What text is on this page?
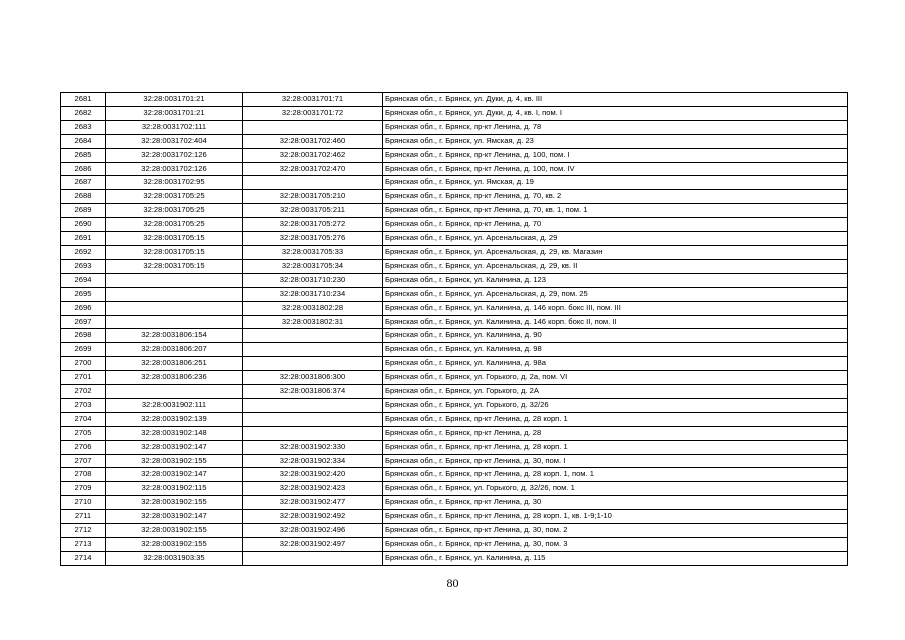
2681	32:28:0031701:21	32:28:0031701:71	Брянская обл., г. Брянск, ул. Дуки, д. 4, кв. III
2682	32:28:0031701:21	32:28:0031701:72	Брянская обл., г. Брянск, ул. Дуки, д. 4, кв. I, пом. I
2683	32:28:0031702:111		Брянская обл., г. Брянск, пр-кт Ленина, д. 78
2684	32:28:0031702:404	32:28:0031702:460	Брянская обл., г. Брянск, ул. Ямская, д. 23
2685	32:28:0031702:126	32:28:0031702:462	Брянская обл., г. Брянск, пр-кт Ленина, д. 100, пом. I
2686	32:28:0031702:126	32:28:0031702:470	Брянская обл., г. Брянск, пр-кт Ленина, д. 100, пом. IV
2687	32:28:0031702:95		Брянская обл., г. Брянск, ул. Ямская, д. 19
2688	32:28:0031705:25	32:28:0031705:210	Брянская обл., г. Брянск, пр-кт Ленина, д. 70, кв. 2
2689	32:28:0031705:25	32:28:0031705:211	Брянская обл., г. Брянск, пр-кт Ленина, д. 70, кв. 1, пом. 1
2690	32:28:0031705:25	32:28:0031705:272	Брянская обл., г. Брянск, пр-кт Ленина, д. 70
2691	32:28:0031705:15	32:28:0031705:276	Брянская обл., г. Брянск, ул. Арсенальская, д. 29
2692	32:28:0031705:15	32:28:0031705:33	Брянская обл., г. Брянск, ул. Арсенальская, д. 29, кв. Магазин
2693	32:28:0031705:15	32:28:0031705:34	Брянская обл., г. Брянск, ул. Арсенальская, д. 29, кв. II
2694		32:28:0031710:230	Брянская обл., г. Брянск, ул. Калинина, д. 123
2695		32:28:0031710:234	Брянская обл., г. Брянск, ул. Арсенальская, д. 29, пом. 25
2696		32:28:0031802:28	Брянская обл., г. Брянск, ул. Калинина, д. 146 корп. бокс III, пом. III
2697		32:28:0031802:31	Брянская обл., г. Брянск, ул. Калинина, д. 146 корп. бокс II, пом. II
2698	32:28:0031806:154		Брянская обл., г. Брянск, ул. Калинина, д. 90
2699	32:28:0031806:207		Брянская обл., г. Брянск, ул. Калинина, д. 98
2700	32:28:0031806:251		Брянская обл., г. Брянск, ул. Калинина, д. 98а
2701	32:28:0031806:236	32:28:0031806:300	Брянская обл., г. Брянск, ул. Горького, д. 2а, пом. VI
2702		32:28:0031806:374	Брянская обл., г. Брянск, ул. Горького, д. 2А
2703	32:28:0031902:111		Брянская обл., г. Брянск, ул. Горького, д. 32/26
2704	32:28:0031902:139		Брянская обл., г. Брянск, пр-кт Ленина, д. 28 корп. 1
2705	32:28:0031902:148		Брянская обл., г. Брянск, пр-кт Ленина, д. 28
2706	32:28:0031902:147	32:28:0031902:330	Брянская обл., г. Брянск, пр-кт Ленина, д. 28 корп. 1
2707	32:28:0031902:155	32:28:0031902:334	Брянская обл., г. Брянск, пр-кт Ленина, д. 30, пом. I
2708	32:28:0031902:147	32:28:0031902:420	Брянская обл., г. Брянск, пр-кт Ленина, д. 28 корп. 1, пом. 1
2709	32:28:0031902:115	32:28:0031902:423	Брянская обл., г. Брянск, ул. Горького, д. 32/26, пом. 1
2710	32:28:0031902:155	32:28:0031902:477	Брянская обл., г. Брянск, пр-кт Ленина, д. 30
2711	32:28:0031902:147	32:28:0031902:492	Брянская обл., г. Брянск, пр-кт Ленина, д. 28 корп. 1, кв. 1-9;1-10
2712	32:28:0031902:155	32:28:0031902:496	Брянская обл., г. Брянск, пр-кт Ленина, д. 30, пом. 2
2713	32:28:0031902:155	32:28:0031902:497	Брянская обл., г. Брянск, пр-кт Ленина, д. 30, пом. 3
2714	32:28:0031903:35		Брянская обл., г. Брянск, ул. Калинина, д. 115
80
